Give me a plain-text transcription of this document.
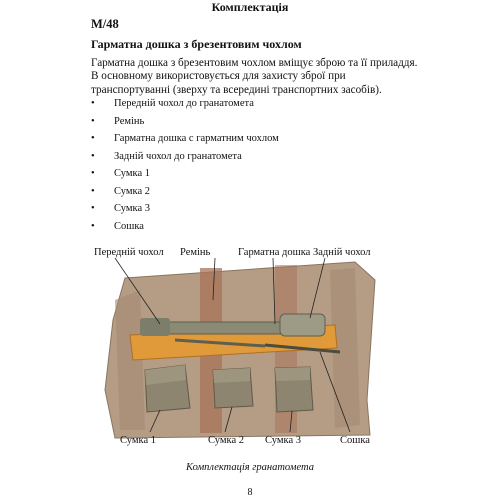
Комплектація
М/48
Гарматна дошка з брезентовим чохлом
Гарматна дошка з брезентовим чохлом вміщує зброю та її приладдя. В основному використовується для захисту зброї при транспортуванні (зверху та всередині транспортних засобів).
•	Передній чохол до гранатомета
•	Ремінь
•	Гарматна дошка с гарматним чохлом
•	Задній чохол до гранатомета
•	Сумка 1
•	Сумка 2
•	Сумка 3
•	Сошка
Передній чохол Ремінь	Гарматна дошка Задній чохол
Сумка 1	Сумка 2 Сумка 3	Сошка
Комплектація гранатомета
8
